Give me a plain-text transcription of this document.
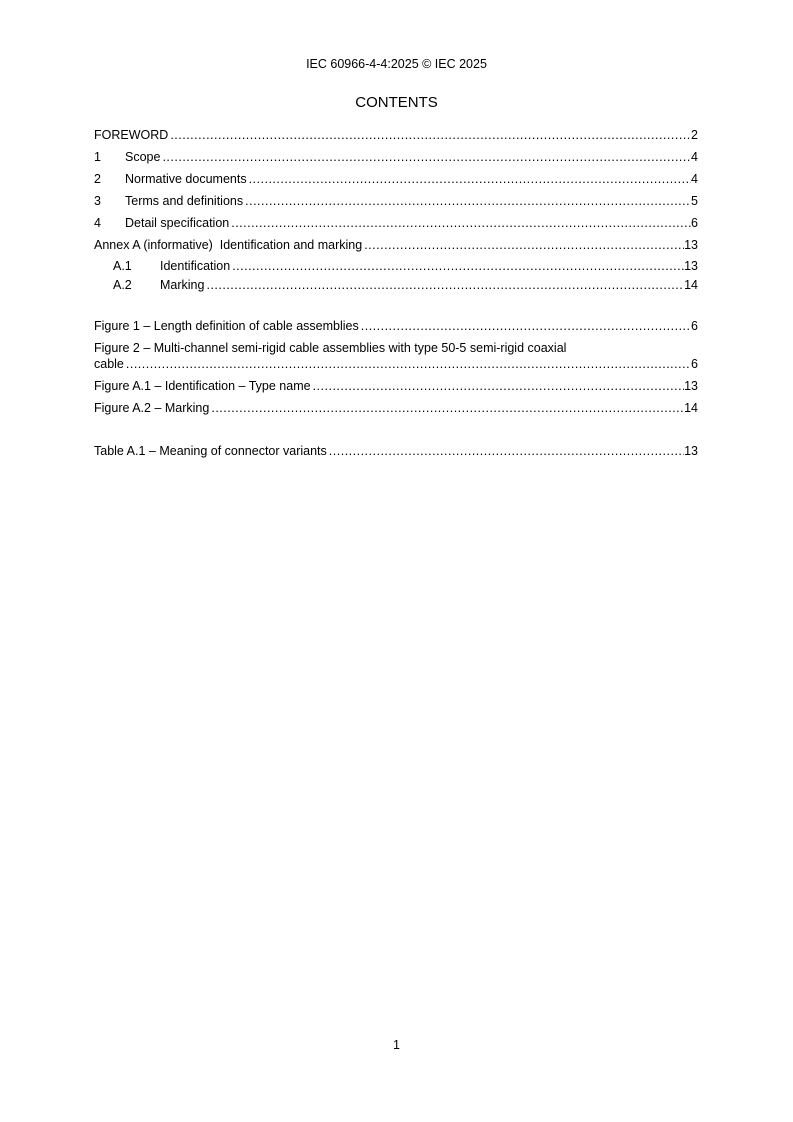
IEC 60966-4-4:2025 © IEC 2025
CONTENTS
FOREWORD .....	2
1	Scope .....	4
2	Normative documents .....	4
3	Terms and definitions .....	5
4	Detail specification .....	6
Annex A (informative)  Identification and marking .....	13
A.1	Identification .....	13
A.2	Marking .....	14
Figure 1 – Length definition of cable assemblies .....	6
Figure 2 – Multi-channel semi-rigid cable assemblies with type 50-5 semi-rigid coaxial
cable .....	6
Figure A.1 – Identification – Type name .....	13
Figure A.2 – Marking .....	14
Table A.1 – Meaning of connector variants .....	13
1
